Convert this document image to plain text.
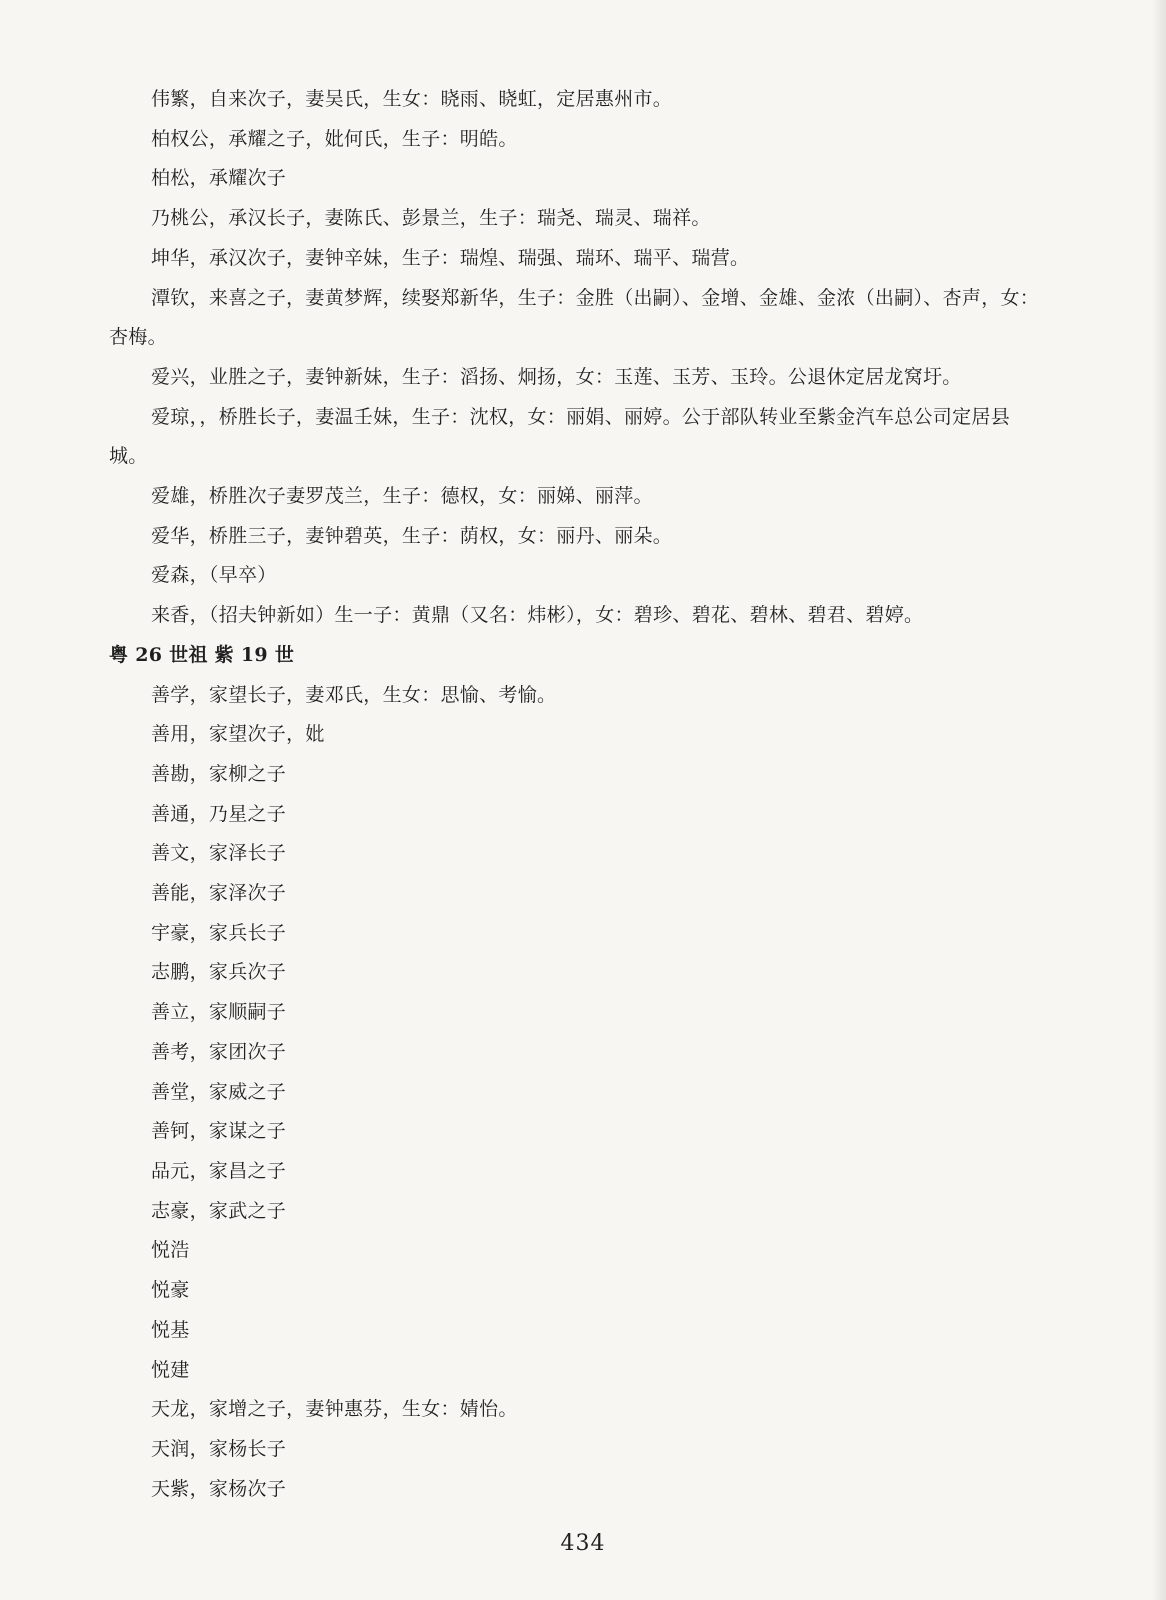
伟繁，自来次子，妻吴氏，生女：晓雨、晓虹，定居惠州市。

柏权公，承耀之子，妣何氏，生子：明皓。

柏松，承耀次子

乃桃公，承汉长子，妻陈氏、彭景兰，生子：瑞尧、瑞灵、瑞祥。

坤华，承汉次子，妻钟辛妹，生子：瑞煌、瑞强、瑞环、瑞平、瑞营。

潭钦，来喜之子，妻黄梦辉，续娶郑新华，生子：金胜（出嗣）、金增、金雄、金浓（出嗣）、杏声，女：杏梅。

爱兴，业胜之子，妻钟新妹，生子：滔扬、炯扬，女：玉莲、玉芳、玉玲。公退休定居龙窝圩。

爱琼，，桥胜长子，妻温壬妹，生子：沈权，女：丽娟、丽婷。公于部队转业至紫金汽车总公司定居县城。

爱雄，桥胜次子妻罗茂兰，生子：德权，女：丽娣、丽萍。

爱华，桥胜三子，妻钟碧英，生子：荫权，女：丽丹、丽朵。

爱森，（早卒）

来香，（招夫钟新如）生一子：黄鼎（又名：炜彬），女：碧珍、碧花、碧林、碧君、碧婷。

粤 26 世祖 紫 19 世

善学，家望长子，妻邓氏，生女：思愉、考愉。

善用，家望次子，妣

善勘，家柳之子

善通，乃星之子

善文，家泽长子

善能，家泽次子

宇豪，家兵长子

志鹏，家兵次子

善立，家顺嗣子

善考，家团次子

善堂，家威之子

善钶，家谋之子

品元，家昌之子

志豪，家武之子

悦浩

悦豪

悦基

悦建

天龙，家增之子，妻钟惠芬，生女：婧怡。

天润，家杨长子

天紫，家杨次子

434
